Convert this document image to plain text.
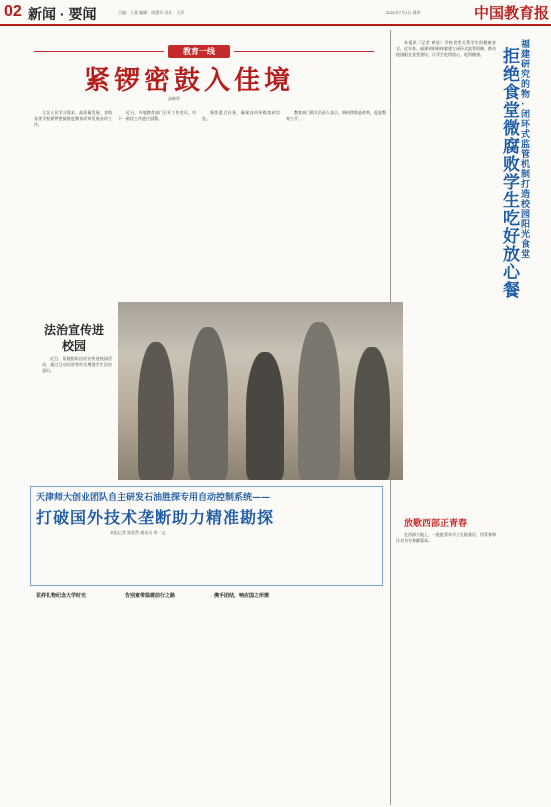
02 新闻 · 要闻	主编：王嘉 编辑：周建军 设计：王萍	2021年7月1日 周四	中国教育报
教育一线
紧锣密鼓入佳境
高鹤智
立足人民学习需求，高质量发展，各级各类学校紧锣密鼓推进教育改革发展各项工作。
近日，多地教育部门召开工作会议，对下一阶段工作进行部署。
聚焦重点任务，确保各项举措落到实处。
教育部门相关负责人表示，将持续推进改革，促进教育公平。
福建研究的物 · 闭环式监管机制打造校园阳光食堂
拒绝食堂微腐败 学生吃好放心餐
本报讯（记者 黄星）学校食堂关系学生的健康安全。近年来，福建省积极探索建立闭环式监管机制，推动校园阳光食堂建设，让学生吃得放心、吃得健康。
法治宣传进校园
近日，某地组织法治宣传进校园活动，通过互动问答等形式增强学生法治意识。
天津师大创业团队自主研发石油胜探专用自动控制系统——
打破国外技术垄断助力精准勘探
本报记者 陈欣然 通讯员 周一文
放歌西部正青春
在西部大地上，一批批青年学子扎根基层，用青春和汗水书写奉献篇章。
花样礼物纪念大学时光	告别宴带温暖前行之路	携手团结，响应国之所需
